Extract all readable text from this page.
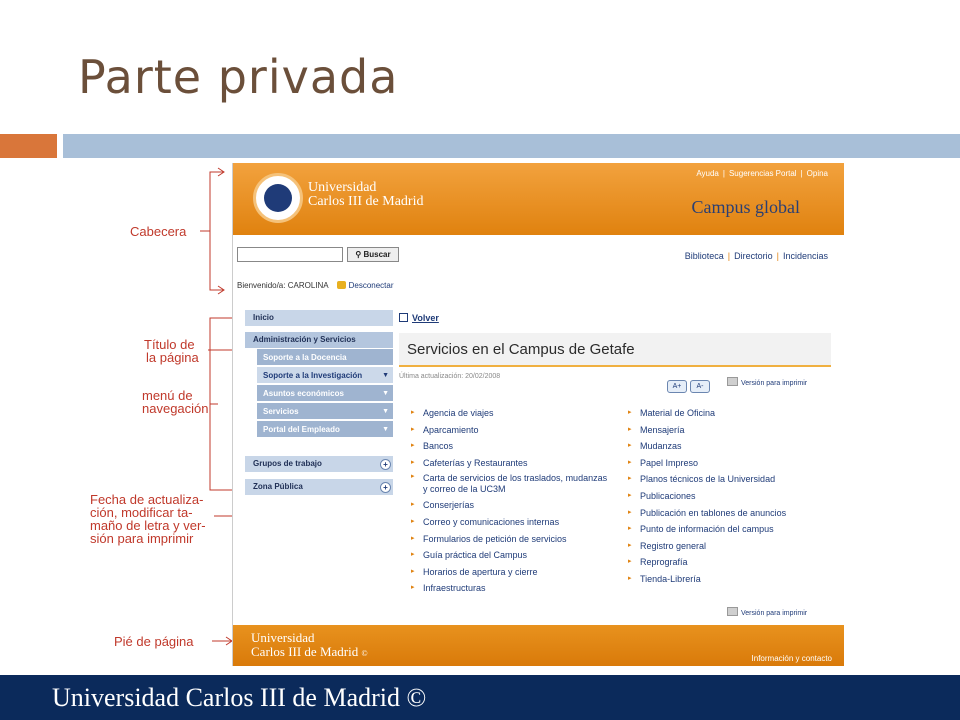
Parte privada
Cabecera
Título de
la página
menú de
navegación
Fecha de actualiza-
ción, modificar ta-
maño de letra y ver-
sión para imprimir
Pié de página
Universidad
Carlos III de Madrid
Ayuda | Sugerencias Portal | Opina
Campus global
⚲ Buscar	Biblioteca | Directorio | Incidencias
Bienvenido/a: CAROLINA	Desconectar
Inicio
Administración y Servicios
Soporte a la Docencia
Soporte a la Investigación	▼
Asuntos económicos	▼
Servicios	▼
Portal del Empleado	▼
Grupos de trabajo	+
Zona Pública	+
Volver
Servicios en el Campus de Getafe
Última actualización: 20/02/2008
A+ A-	Versión para imprimir
▸ Agencia de viajes
▸ Aparcamiento
▸ Bancos
▸ Cafeterías y Restaurantes
▸ Carta de servicios de los traslados, mudanzas y correo de la UC3M
▸ Conserjerías
▸ Correo y comunicaciones internas
▸ Formularios de petición de servicios
▸ Guía práctica del Campus
▸ Horarios de apertura y cierre
▸ Infraestructuras
▸ Material de Oficina
▸ Mensajería
▸ Mudanzas
▸ Papel Impreso
▸ Planos técnicos de la Universidad
▸ Publicaciones
▸ Publicación en tablones de anuncios
▸ Punto de información del campus
▸ Registro general
▸ Reprografía
▸ Tienda-Librería
Versión para imprimir
Universidad
Carlos III de Madrid ©
Información y contacto
Universidad Carlos III de Madrid ©
